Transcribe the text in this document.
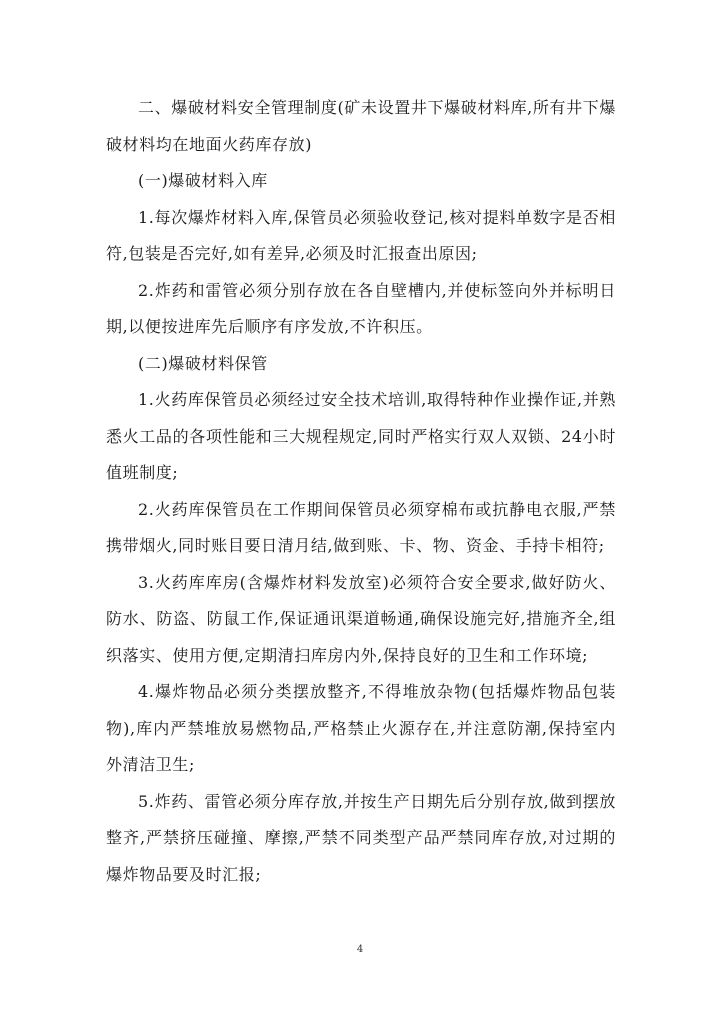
二、爆破材料安全管理制度(矿未设置井下爆破材料库,所有井下爆破材料均在地面火药库存放)

(一)爆破材料入库

1.每次爆炸材料入库,保管员必须验收登记,核对提料单数字是否相符,包装是否完好,如有差异,必须及时汇报查出原因;

2.炸药和雷管必须分别存放在各自壁槽内,并使标签向外并标明日期,以便按进库先后顺序有序发放,不许积压。

(二)爆破材料保管

1.火药库保管员必须经过安全技术培训,取得特种作业操作证,并熟悉火工品的各项性能和三大规程规定,同时严格实行双人双锁、24小时值班制度;

2.火药库保管员在工作期间保管员必须穿棉布或抗静电衣服,严禁携带烟火,同时账目要日清月结,做到账、卡、物、资金、手持卡相符;

3.火药库库房(含爆炸材料发放室)必须符合安全要求,做好防火、防水、防盗、防鼠工作,保证通讯渠道畅通,确保设施完好,措施齐全,组织落实、使用方便,定期清扫库房内外,保持良好的卫生和工作环境;

4.爆炸物品必须分类摆放整齐,不得堆放杂物(包括爆炸物品包装物),库内严禁堆放易燃物品,严格禁止火源存在,并注意防潮,保持室内外清洁卫生;

5.炸药、雷管必须分库存放,并按生产日期先后分别存放,做到摆放整齐,严禁挤压碰撞、摩擦,严禁不同类型产品严禁同库存放,对过期的爆炸物品要及时汇报;

4
